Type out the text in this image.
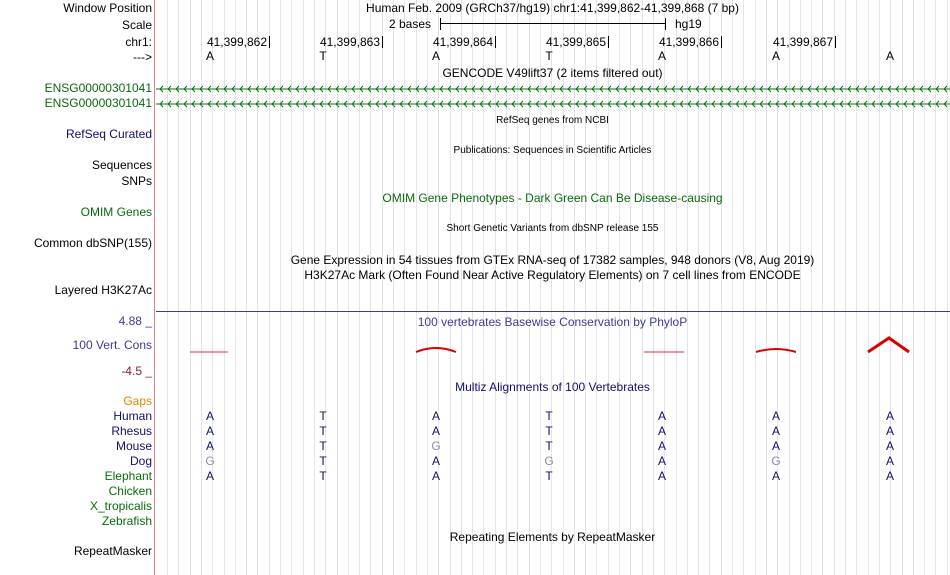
Window Position	Human Feb. 2009 (GRCh37/hg19) chr1:41,399,862-41,399,868 (7 bp)
Scale	2 bases	hg19
chr1:	41,399,862	41,399,863	41,399,864	41,399,865	41,399,866	41,399,867
--->	A	T	A	T	A	A	A
GENCODE V49lift37 (2 items filtered out)
ENSG00000301041
ENSG00000301041
RefSeq genes from NCBI
RefSeq Curated
Publications: Sequences in Scientific Articles
Sequences
SNPs
OMIM Gene Phenotypes - Dark Green Can Be Disease-causing
OMIM Genes
Short Genetic Variants from dbSNP release 155
Common dbSNP(155)
Gene Expression in 54 tissues from GTEx RNA-seq of 17382 samples, 948 donors (V8, Aug 2019)
H3K27Ac Mark (Often Found Near Active Regulatory Elements) on 7 cell lines from ENCODE
Layered H3K27Ac
4.88 _	100 vertebrates Basewise Conservation by PhyloP
100 Vert. Cons
-4.5 _
Multiz Alignments of 100 Vertebrates
Gaps
Human	A	T	A	T	A	A	A
Rhesus	A	T	A	T	A	A	A
Mouse	A	T	G	T	A	A	A
Dog	G	T	A	G	A	G	A
Elephant	A	T	A	T	A	A	A
Chicken
X_tropicalis
Zebrafish
Repeating Elements by RepeatMasker
RepeatMasker
